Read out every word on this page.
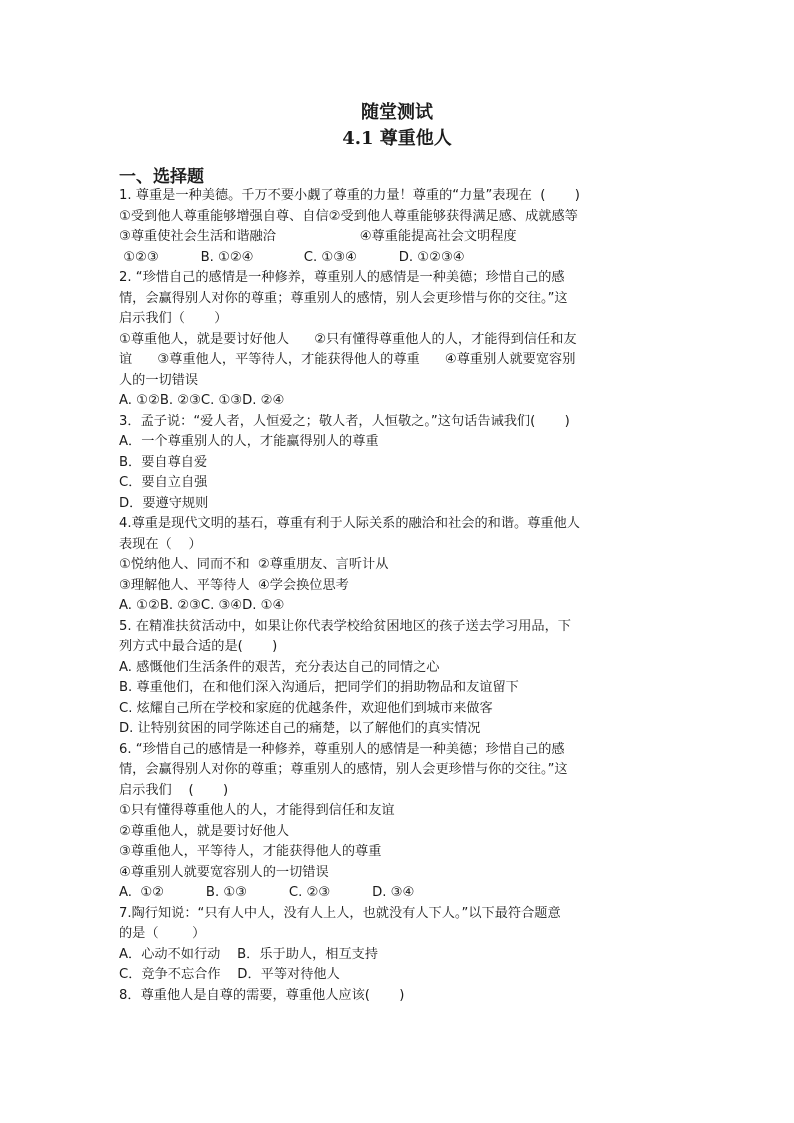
随堂测试
4.1 尊重他人
一、选择题
1. 尊重是一种美德。千万不要小觑了尊重的力量！尊重的“力量”表现在  (       )
①受到他人尊重能够增强自尊、自信②受到他人尊重能够获得满足感、成就感等
③尊重使社会生活和谐融洽                    ④尊重能提高社会文明程度
①②③          B. ①②④            C. ①③④          D. ①②③④
2. “珍惜自己的感情是一种修养，尊重别人的感情是一种美德；珍惜自己的感
情，会赢得别人对你的尊重；尊重别人的感情，别人会更珍惜与你的交往。”这
启示我们（       ）
①尊重他人，就是要讨好他人      ②只有懂得尊重他人的人，才能得到信任和友
谊      ③尊重他人，平等待人，才能获得他人的尊重      ④尊重别人就要宽容别
人的一切错误
A. ①②B. ②③C. ①③D. ②④
3．孟子说：“爱人者，人恒爱之；敬人者，人恒敬之。”这句话告诫我们(       )
A．一个尊重别人的人，才能赢得别人的尊重
B．要自尊自爱
C．要自立自强
D．要遵守规则
4.尊重是现代文明的基石，尊重有利于人际关系的融洽和社会的和谐。尊重他人
表现在（    ）
①悦纳他人、同而不和  ②尊重朋友、言听计从
③理解他人、平等待人  ④学会换位思考
A. ①②B. ②③C. ③④D. ①④
5. 在精准扶贫活动中，如果让你代表学校给贫困地区的孩子送去学习用品，下
列方式中最合适的是(       )
A. 感慨他们生活条件的艰苦，充分表达自己的同情之心
B. 尊重他们，在和他们深入沟通后，把同学们的捐助物品和友谊留下
C. 炫耀自己所在学校和家庭的优越条件，欢迎他们到城市来做客
D. 让特别贫困的同学陈述自己的痛楚，以了解他们的真实情况
6. “珍惜自己的感情是一种修养，尊重别人的感情是一种美德；珍惜自己的感
情，会赢得别人对你的尊重；尊重别人的感情，别人会更珍惜与你的交往。”这
启示我们    (       )
①只有懂得尊重他人的人，才能得到信任和友谊
②尊重他人，就是要讨好他人
③尊重他人，平等待人，才能获得他人的尊重
④尊重别人就要宽容别人的一切错误
A.  ①②          B. ①③          C. ②③          D. ③④
7.陶行知说：“只有人中人，没有人上人，也就没有人下人。”以下最符合题意
的是（        ）
A．心动不如行动    B．乐于助人，相互支持
C．竞争不忘合作    D．平等对待他人
8．尊重他人是自尊的需要，尊重他人应该(       )
